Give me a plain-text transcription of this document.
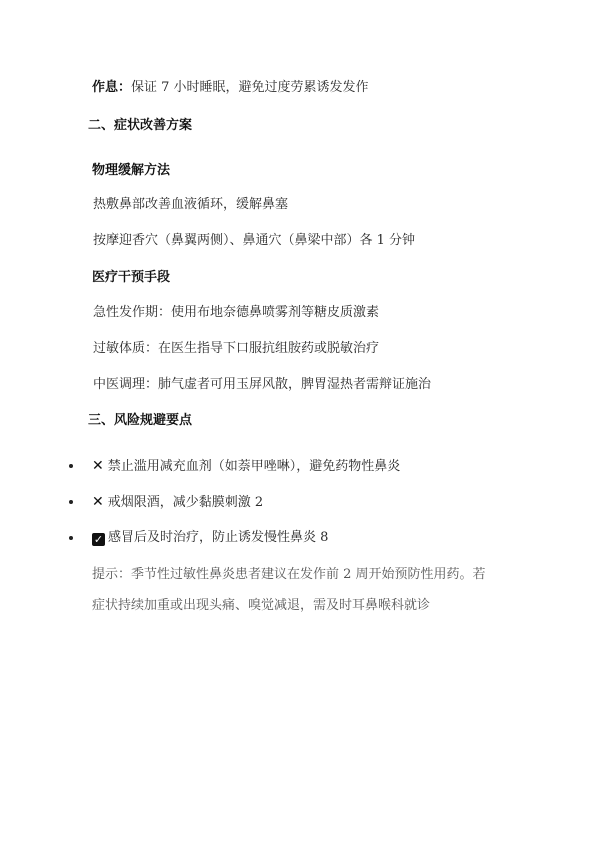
作息：保证 7 小时睡眠，避免过度劳累诱发发作
二、症状改善方案
物理缓解方法
热敷鼻部改善血液循环，缓解鼻塞
按摩迎香穴（鼻翼两侧）、鼻通穴（鼻梁中部）各 1 分钟
医疗干预手段
急性发作期：使用布地奈德鼻喷雾剂等糖皮质激素
过敏体质：在医生指导下口服抗组胺药或脱敏治疗
中医调理：肺气虚者可用玉屏风散，脾胃湿热者需辩证施治
三、风险规避要点
✕ 禁止滥用减充血剂（如萘甲唑啉），避免药物性鼻炎
✕ 戒烟限酒，减少黏膜刺激 2
✓ 感冒后及时治疗，防止诱发慢性鼻炎 8
提示：季节性过敏性鼻炎患者建议在发作前 2 周开始预防性用药。若
症状持续加重或出现头痛、嗅觉减退，需及时耳鼻喉科就诊
